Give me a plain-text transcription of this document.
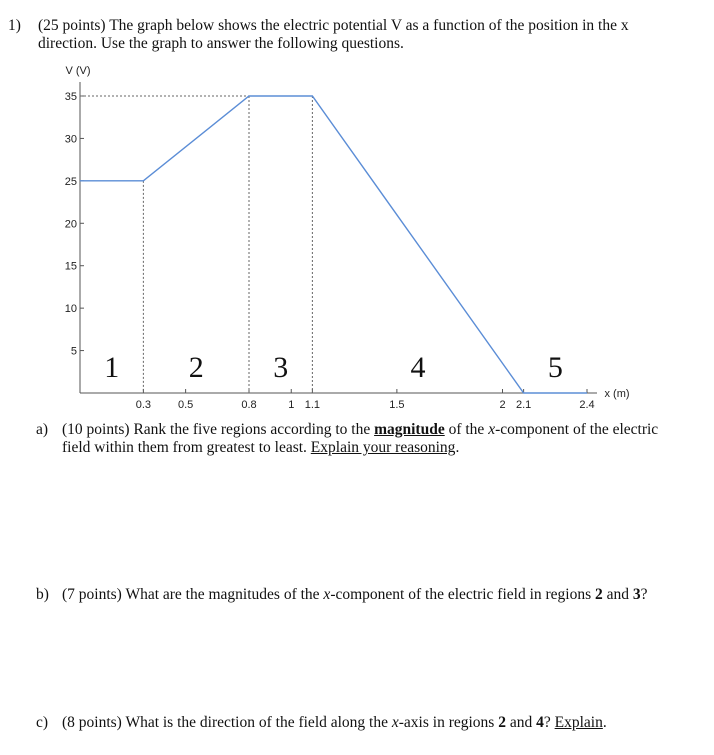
1) (25 points) The graph below shows the electric potential V as a function of the position in the x
direction. Use the graph to answer the following questions.
5
10
15
20
25
30
35
0.3 0.5	0.8	1 1.1	1.5	2 2.1	2.4
V (V)
x (m)
1 2 3	4	5
a) (10 points) Rank the five regions according to the magnitude of the x-component of the electric
field within them from greatest to least. Explain your reasoning.
b) (7 points) What are the magnitudes of the x-component of the electric field in regions 2 and 3?
c) (8 points) What is the direction of the field along the x-axis in regions 2 and 4? Explain.
